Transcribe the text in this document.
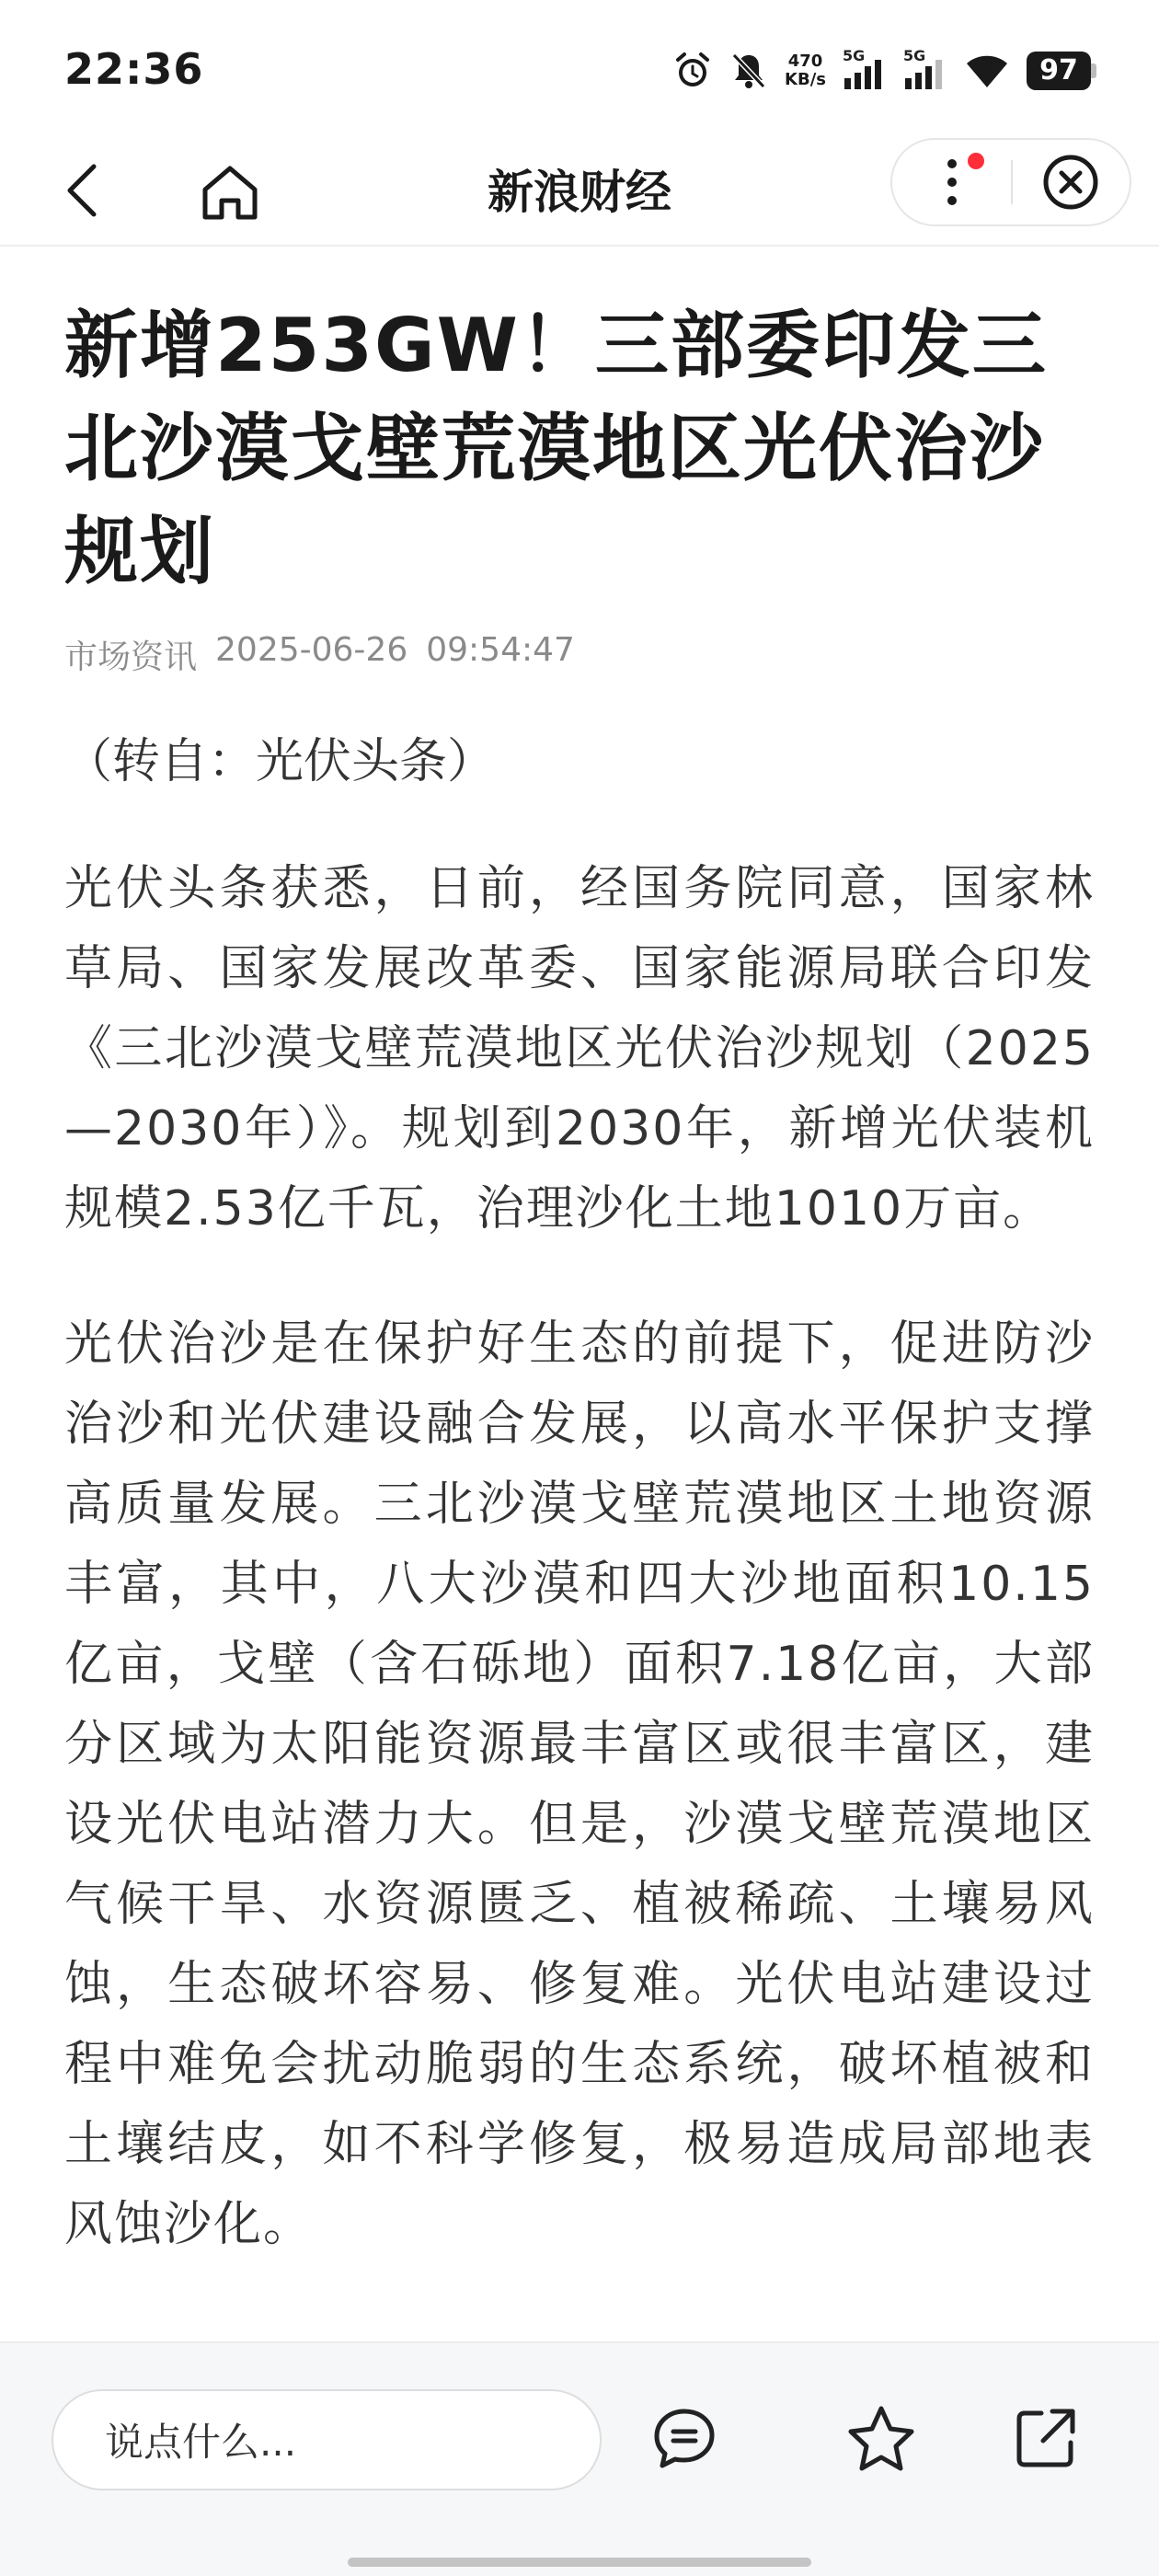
22:36	470
KB/s
5G	5G	97
新浪财经
新增253GW！三部委印发三北沙漠戈壁荒漠地区光伏治沙规划
市场资讯 2025-06-26 09:54:47

（转自：光伏头条）

光伏头条获悉，日前，经国务院同意，国家林草局、国家发展改革委、国家能源局联合印发《三北沙漠戈壁荒漠地区光伏治沙规划（2025—2030年）》。规划到2030年，新增光伏装机规模2.53亿千瓦，治理沙化土地1010万亩。

光伏治沙是在保护好生态的前提下，促进防沙治沙和光伏建设融合发展，以高水平保护支撑高质量发展。三北沙漠戈壁荒漠地区土地资源丰富，其中，八大沙漠和四大沙地面积10.15亿亩，戈壁（含石砾地）面积7.18亿亩，大部分区域为太阳能资源最丰富区或很丰富区，建设光伏电站潜力大。但是，沙漠戈壁荒漠地区气候干旱、水资源匮乏、植被稀疏、土壤易风蚀，生态破坏容易、修复难。光伏电站建设过程中难免会扰动脆弱的生态系统，破坏植被和土壤结皮，如不科学修复，极易造成局部地表风蚀沙化。

说点什么...
